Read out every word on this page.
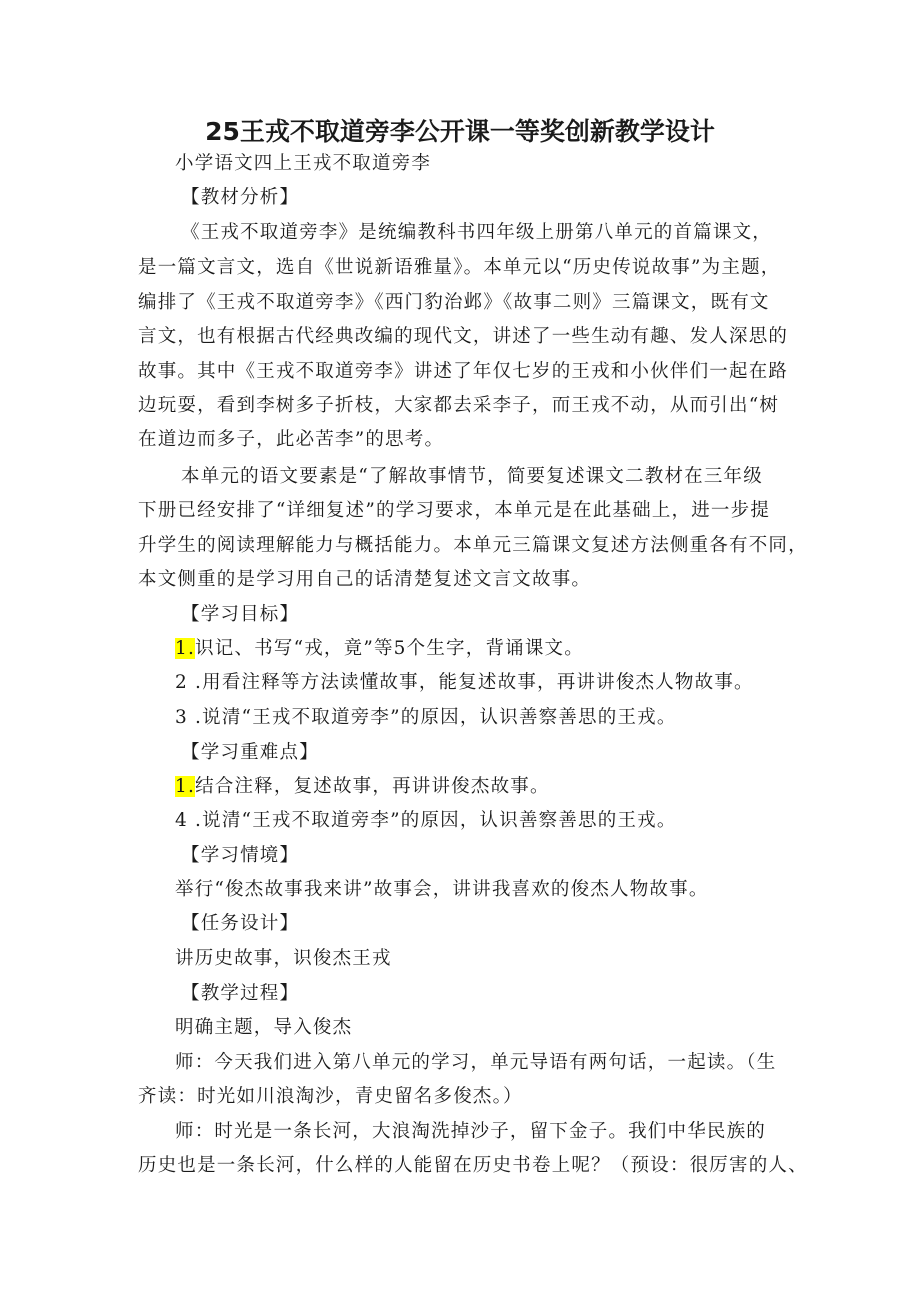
25王戎不取道旁李公开课一等奖创新教学设计
小学语文四上王戎不取道旁李
【教材分析】
《王戎不取道旁李》是统编教科书四年级上册第八单元的首篇课文，
是一篇文言文，选自《世说新语雅量》。本单元以“历史传说故事”为主题，
编排了《王戎不取道旁李》《西门豹治邺》《故事二则》三篇课文，既有文
言文，也有根据古代经典改编的现代文，讲述了一些生动有趣、发人深思的
故事。其中《王戎不取道旁李》讲述了年仅七岁的王戎和小伙伴们一起在路
边玩耍，看到李树多子折枝，大家都去采李子，而王戎不动，从而引出“树
在道边而多子，此必苦李”的思考。
本单元的语文要素是“了解故事情节，简要复述课文二教材在三年级
下册已经安排了“详细复述”的学习要求，本单元是在此基础上，进一步提
升学生的阅读理解能力与概括能力。本单元三篇课文复述方法侧重各有不同，
本文侧重的是学习用自己的话清楚复述文言文故事。
【学习目标】
1.识记、书写“戎，竟”等5个生字，背诵课文。
2 .用看注释等方法读懂故事，能复述故事，再讲讲俊杰人物故事。
3 .说清“王戎不取道旁李”的原因，认识善察善思的王戎。
【学习重难点】
1.结合注释，复述故事，再讲讲俊杰故事。
4 .说清“王戎不取道旁李”的原因，认识善察善思的王戎。
【学习情境】
举行“俊杰故事我来讲”故事会，讲讲我喜欢的俊杰人物故事。
【任务设计】
讲历史故事，识俊杰王戎
【教学过程】
明确主题，导入俊杰
师：今天我们进入第八单元的学习，单元导语有两句话，一起读。（生
齐读：时光如川浪淘沙，青史留名多俊杰。）
师：时光是一条长河，大浪淘洗掉沙子，留下金子。我们中华民族的
历史也是一条长河，什么样的人能留在历史书卷上呢？（预设：很厉害的人、
